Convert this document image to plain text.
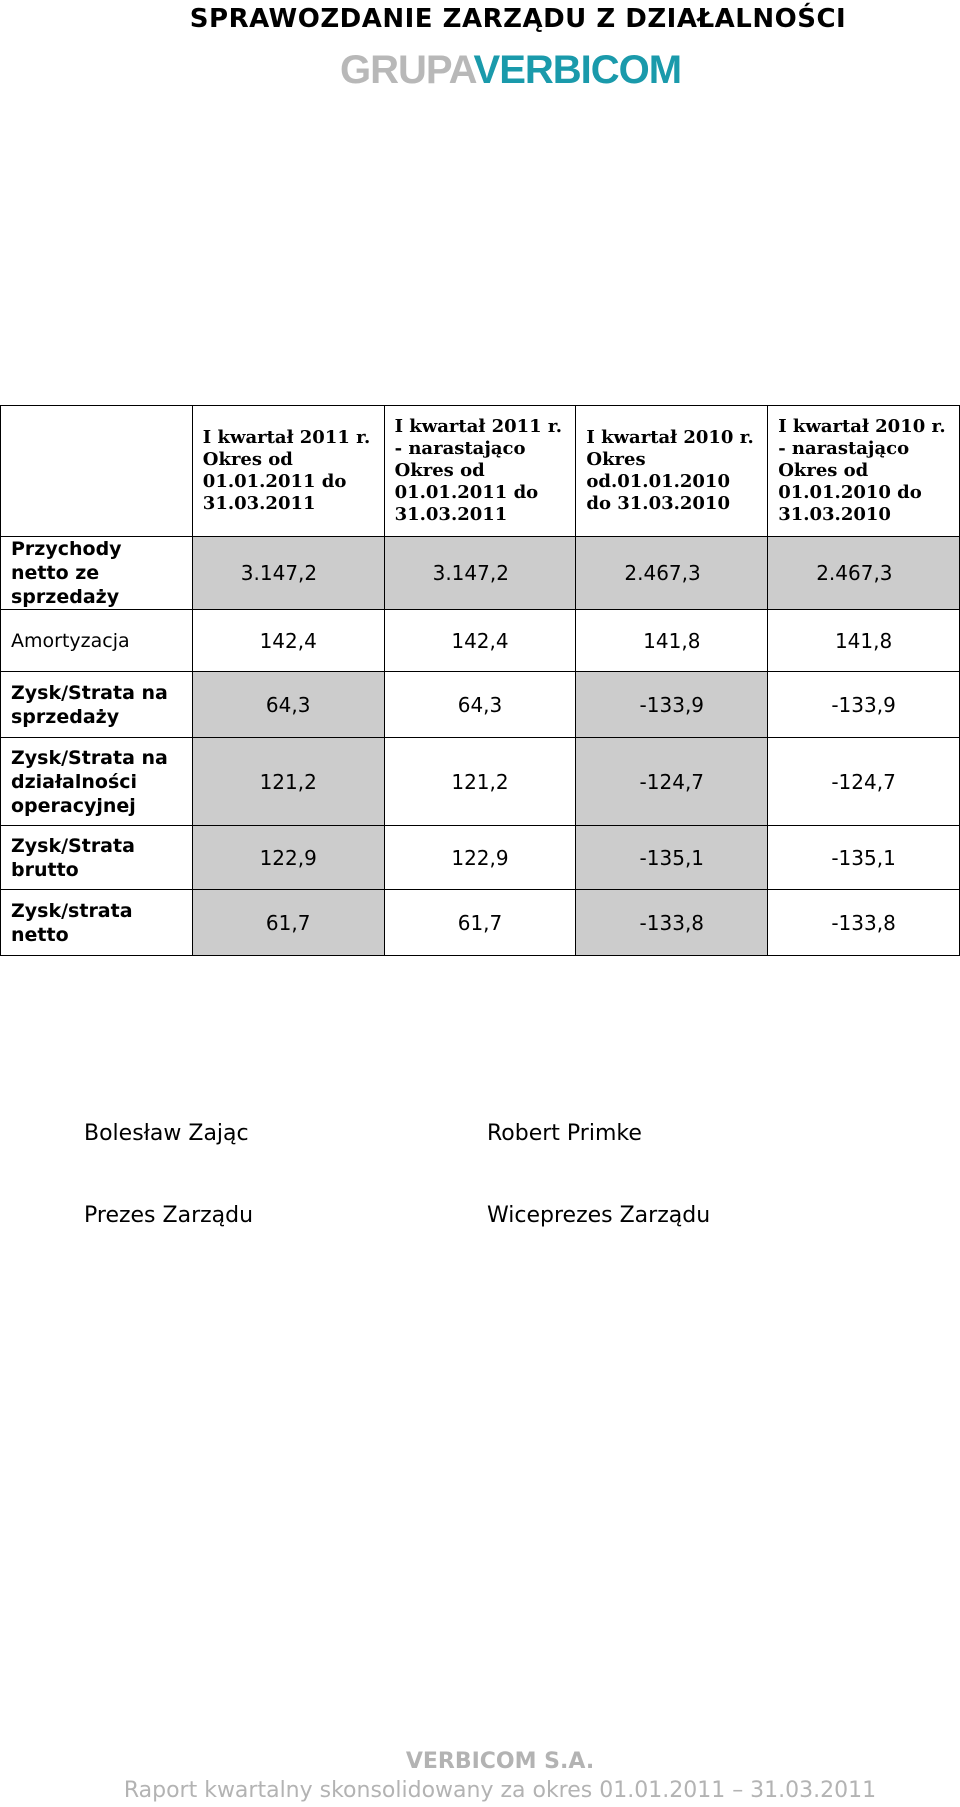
SPRAWOZDANIE ZARZĄDU Z DZIAŁALNOŚCI
GRUPAVERBICOM
	I kwartał 2011 r. Okres od 01.01.2011 do 31.03.2011	I kwartał 2011 r. - narastająco Okres od 01.01.2011 do 31.03.2011	I kwartał 2010 r. Okres od.01.01.2010 do 31.03.2010	I kwartał 2010 r. - narastająco Okres od 01.01.2010 do 31.03.2010
Przychody netto ze sprzedaży	3.147,2	3.147,2	2.467,3	2.467,3
Amortyzacja	142,4	142,4	141,8	141,8
Zysk/Strata na sprzedaży	64,3	64,3	-133,9	-133,9
Zysk/Strata na działalności operacyjnej	121,2	121,2	-124,7	-124,7
Zysk/Strata brutto	122,9	122,9	-135,1	-135,1
Zysk/strata netto	61,7	61,7	-133,8	-133,8
Bolesław Zając	Robert Primke
Prezes Zarządu	Wiceprezes Zarządu
VERBICOM S.A.
Raport kwartalny skonsolidowany za okres 01.01.2011 – 31.03.2011
